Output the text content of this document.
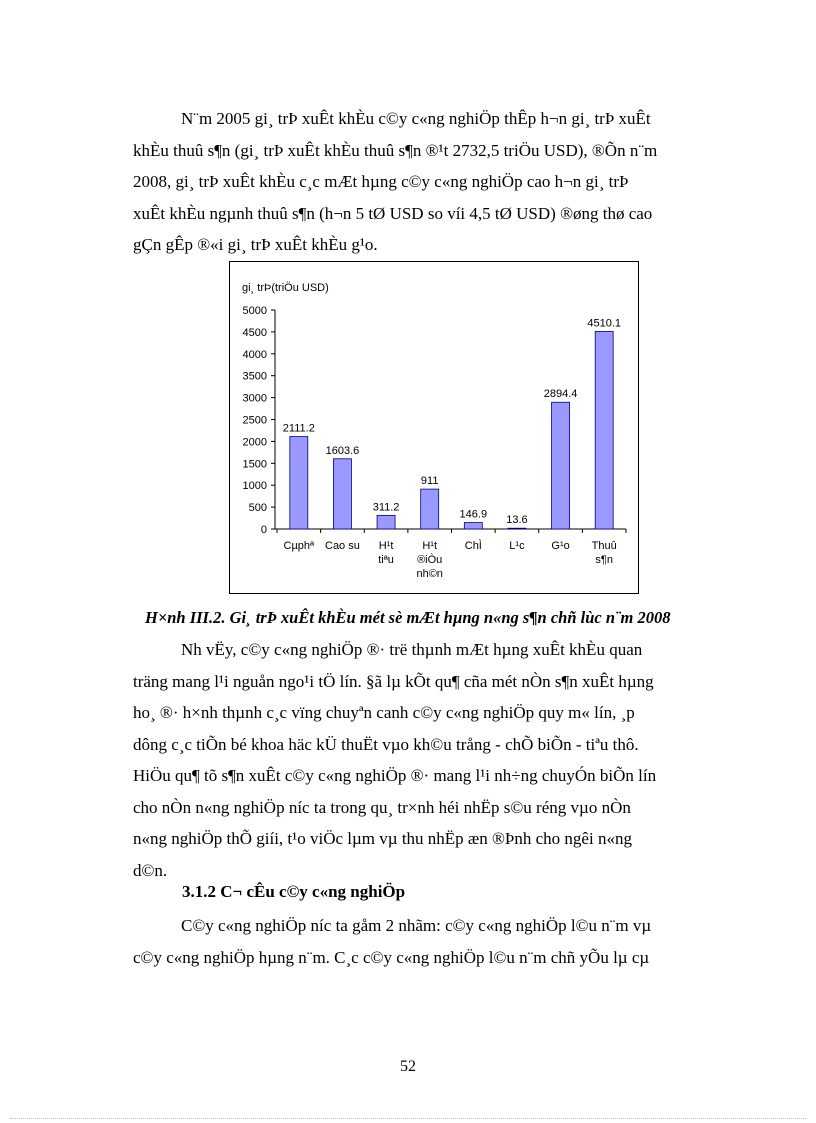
N¨m 2005 gi¸ trÞ xuÊt khÈu c©y c«ng nghiÖp thÊp h¬n gi¸ trÞ xuÊt
khÈu thuû s¶n (gi¸ trÞ xuÊt khÈu thuû s¶n ®¹t 2732,5 triÖu USD), ®Õn n¨m
2008, gi¸ trÞ xuÊt khÈu c¸c mÆt hµng c©y c«ng nghiÖp cao h¬n gi¸ trÞ
xuÊt khÈu ngµnh thuû s¶n (h¬n 5 tØ USD so víi 4,5 tØ USD) ®øng thø cao
gÇn gÊp ®«i gi¸ trÞ xuÊt khÈu g¹o.
gi¸ trÞ(triÖu USD)
0
500
1000
1500
2000
2500
3000
3500
4000
4500
5000
2111.2
Cµphª
1603.6
Cao su
311.2
H¹t
tiªu
911
H¹t
®iÒu
nh©n
146.9
ChÌ
13.6
L¹c
2894.4
G¹o
4510.1
Thuû
s¶n
H×nh III.2. Gi¸ trÞ xuÊt khÈu mét sè mÆt hµng n«ng s¶n chñ lùc n¨m 2008
Nh vËy, c©y c«ng nghiÖp ®· trë thµnh mÆt hµng xuÊt khÈu quan
träng mang l¹i nguån ngo¹i tÖ lín. §ã lµ kÕt qu¶ cña mét nÒn s¶n xuÊt hµng
ho¸ ®· h×nh thµnh c¸c vïng chuyªn canh c©y c«ng nghiÖp quy m« lín, ¸p
dông c¸c tiÕn bé khoa häc kÜ thuËt vµo kh©u trång - chÕ biÕn - tiªu thô.
HiÖu qu¶ tõ s¶n xuÊt c©y c«ng nghiÖp ®· mang l¹i nh÷ng chuyÓn biÕn lín
cho nÒn n«ng nghiÖp níc ta trong qu¸ tr×nh héi nhËp s©u réng vµo nÒn
n«ng nghiÖp thÕ giíi, t¹o viÖc lµm vµ thu nhËp æn ®Þnh cho ngêi n«ng
d©n.
3.1.2 C¬ cÊu c©y c«ng nghiÖp
C©y c«ng nghiÖp níc ta gåm 2 nhãm: c©y c«ng nghiÖp l©u n¨m vµ
c©y c«ng nghiÖp hµng n¨m. C¸c c©y c«ng nghiÖp l©u n¨m chñ yÕu lµ cµ
52
